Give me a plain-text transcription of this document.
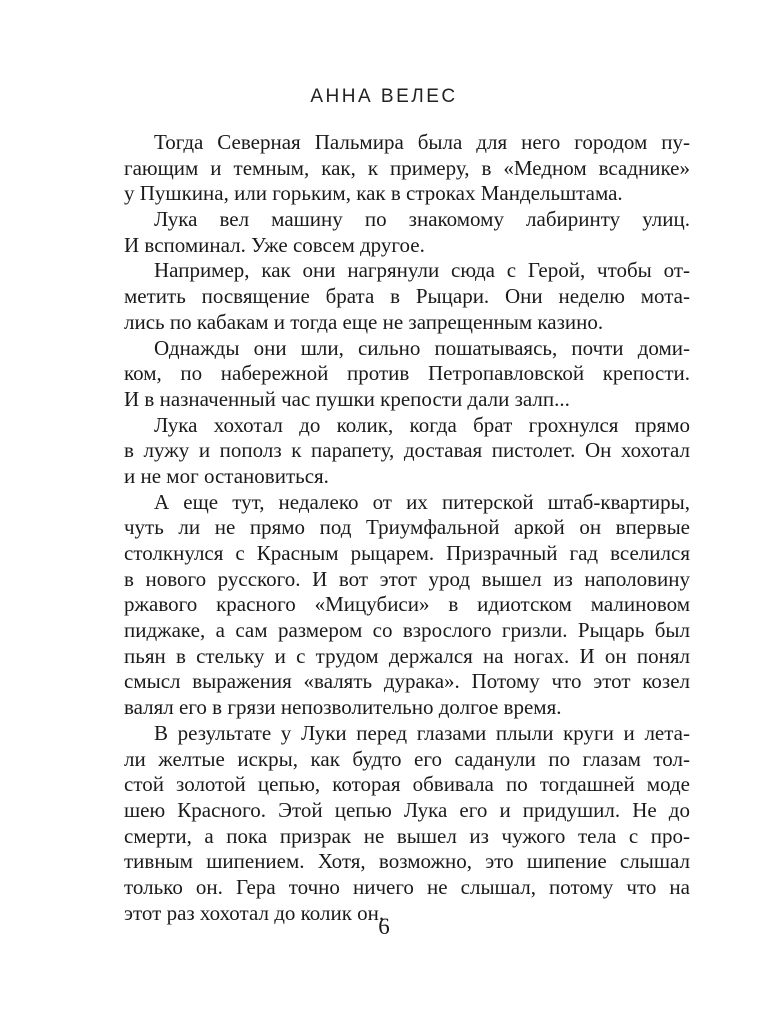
АННА ВЕЛЕС
Тогда Северная Пальмира была для него городом пу-
гающим и темным, как, к примеру, в «Медном всаднике»
у Пушкина, или горьким, как в строках Мандельштама.
Лука вел машину по знакомому лабиринту улиц.
И вспоминал. Уже совсем другое.
Например, как они нагрянули сюда с Герой, чтобы от-
метить посвящение брата в Рыцари. Они неделю мота-
лись по кабакам и тогда еще не запрещенным казино.
Однажды они шли, сильно пошатываясь, почти доми-
ком, по набережной против Петропавловской крепости.
И в назначенный час пушки крепости дали залп...
Лука хохотал до колик, когда брат грохнулся прямо
в лужу и пополз к парапету, доставая пистолет. Он хохотал
и не мог остановиться.
А еще тут, недалеко от их питерской штаб-квартиры,
чуть ли не прямо под Триумфальной аркой он впервые
столкнулся с Красным рыцарем. Призрачный гад вселился
в нового русского. И вот этот урод вышел из наполовину
ржавого красного «Мицубиси» в идиотском малиновом
пиджаке, а сам размером со взрослого гризли. Рыцарь был
пьян в стельку и с трудом держался на ногах. И он понял
смысл выражения «валять дурака». Потому что этот козел
валял его в грязи непозволительно долгое время.
В результате у Луки перед глазами плыли круги и лета-
ли желтые искры, как будто его саданули по глазам тол-
стой золотой цепью, которая обвивала по тогдашней моде
шею Красного. Этой цепью Лука его и придушил. Не до
смерти, а пока призрак не вышел из чужого тела с про-
тивным шипением. Хотя, возможно, это шипение слышал
только он. Гера точно ничего не слышал, потому что на
этот раз хохотал до колик он.
6
